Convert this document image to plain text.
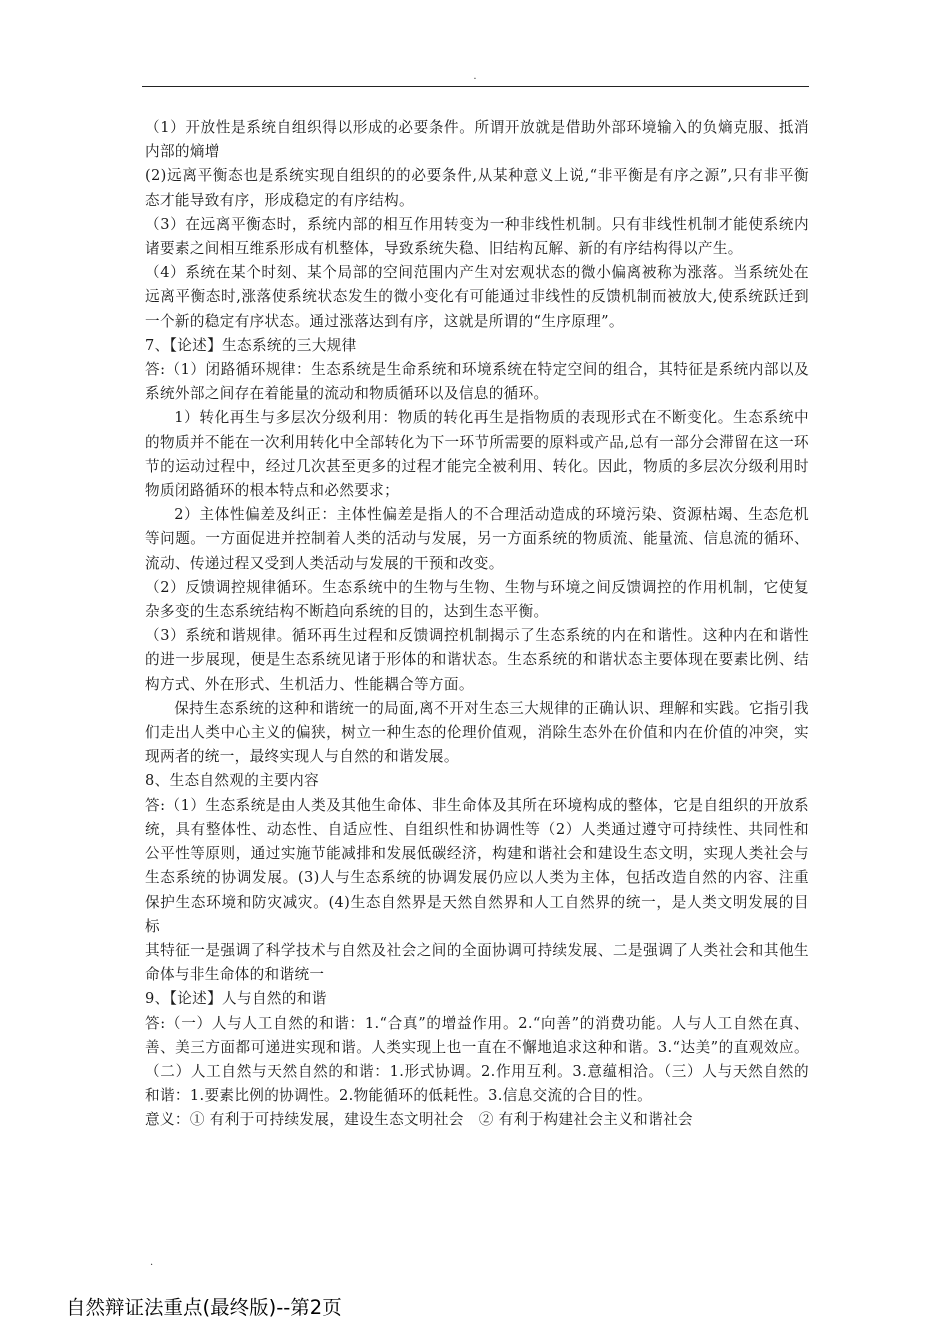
.

（1）开放性是系统自组织得以形成的必要条件。所谓开放就是借助外部环境输入的负熵克服、抵消内部的熵增

(2)远离平衡态也是系统实现自组织的的必要条件,从某种意义上说,“非平衡是有序之源”,只有非平衡态才能导致有序，形成稳定的有序结构。

（3）在远离平衡态时，系统内部的相互作用转变为一种非线性机制。只有非线性机制才能使系统内诸要素之间相互维系形成有机整体，导致系统失稳、旧结构瓦解、新的有序结构得以产生。

（4）系统在某个时刻、某个局部的空间范围内产生对宏观状态的微小偏离被称为涨落。当系统处在远离平衡态时,涨落使系统状态发生的微小变化有可能通过非线性的反馈机制而被放大,使系统跃迁到一个新的稳定有序状态。通过涨落达到有序，这就是所谓的“生序原理”。

7、【论述】生态系统的三大规律

答:（1）闭路循环规律：生态系统是生命系统和环境系统在特定空间的组合，其特征是系统内部以及系统外部之间存在着能量的流动和物质循环以及信息的循环。

1）转化再生与多层次分级利用：物质的转化再生是指物质的表现形式在不断变化。生态系统中的物质并不能在一次利用转化中全部转化为下一环节所需要的原料或产品,总有一部分会滞留在这一环节的运动过程中，经过几次甚至更多的过程才能完全被利用、转化。因此，物质的多层次分级利用时物质闭路循环的根本特点和必然要求；

2）主体性偏差及纠正：主体性偏差是指人的不合理活动造成的环境污染、资源枯竭、生态危机等问题。一方面促进并控制着人类的活动与发展，另一方面系统的物质流、能量流、信息流的循环、流动、传递过程又受到人类活动与发展的干预和改变。

（2）反馈调控规律循环。生态系统中的生物与生物、生物与环境之间反馈调控的作用机制，它使复杂多变的生态系统结构不断趋向系统的目的，达到生态平衡。

（3）系统和谐规律。循环再生过程和反馈调控机制揭示了生态系统的内在和谐性。这种内在和谐性的进一步展现，便是生态系统见诸于形体的和谐状态。生态系统的和谐状态主要体现在要素比例、结构方式、外在形式、生机活力、性能耦合等方面。

保持生态系统的这种和谐统一的局面,离不开对生态三大规律的正确认识、理解和实践。它指引我们走出人类中心主义的偏狭，树立一种生态的伦理价值观，消除生态外在价值和内在价值的冲突，实现两者的统一，最终实现人与自然的和谐发展。

8、生态自然观的主要内容

答:（1）生态系统是由人类及其他生命体、非生命体及其所在环境构成的整体，它是自组织的开放系统，具有整体性、动态性、自适应性、自组织性和协调性等（2）人类通过遵守可持续性、共同性和公平性等原则，通过实施节能减排和发展低碳经济，构建和谐社会和建设生态文明，实现人类社会与生态系统的协调发展。(3)人与生态系统的协调发展仍应以人类为主体，包括改造自然的内容、注重保护生态环境和防灾减灾。(4)生态自然界是天然自然界和人工自然界的统一，是人类文明发展的目标

其特征一是强调了科学技术与自然及社会之间的全面协调可持续发展、二是强调了人类社会和其他生命体与非生命体的和谐统一

9、【论述】人与自然的和谐

答:（一）人与人工自然的和谐：1.“合真”的增益作用。2.“向善”的消费功能。人与人工自然在真、善、美三方面都可递进实现和谐。人类实现上也一直在不懈地追求这种和谐。3.“达美”的直观效应。（二）人工自然与天然自然的和谐：1.形式协调。2.作用互利。3.意蕴相洽。（三）人与天然自然的和谐：1.要素比例的协调性。2.物能循环的低耗性。3.信息交流的合目的性。

意义：① 有利于可持续发展，建设生态文明社会　② 有利于构建社会主义和谐社会

.
自然辩证法重点(最终版)--第2页
